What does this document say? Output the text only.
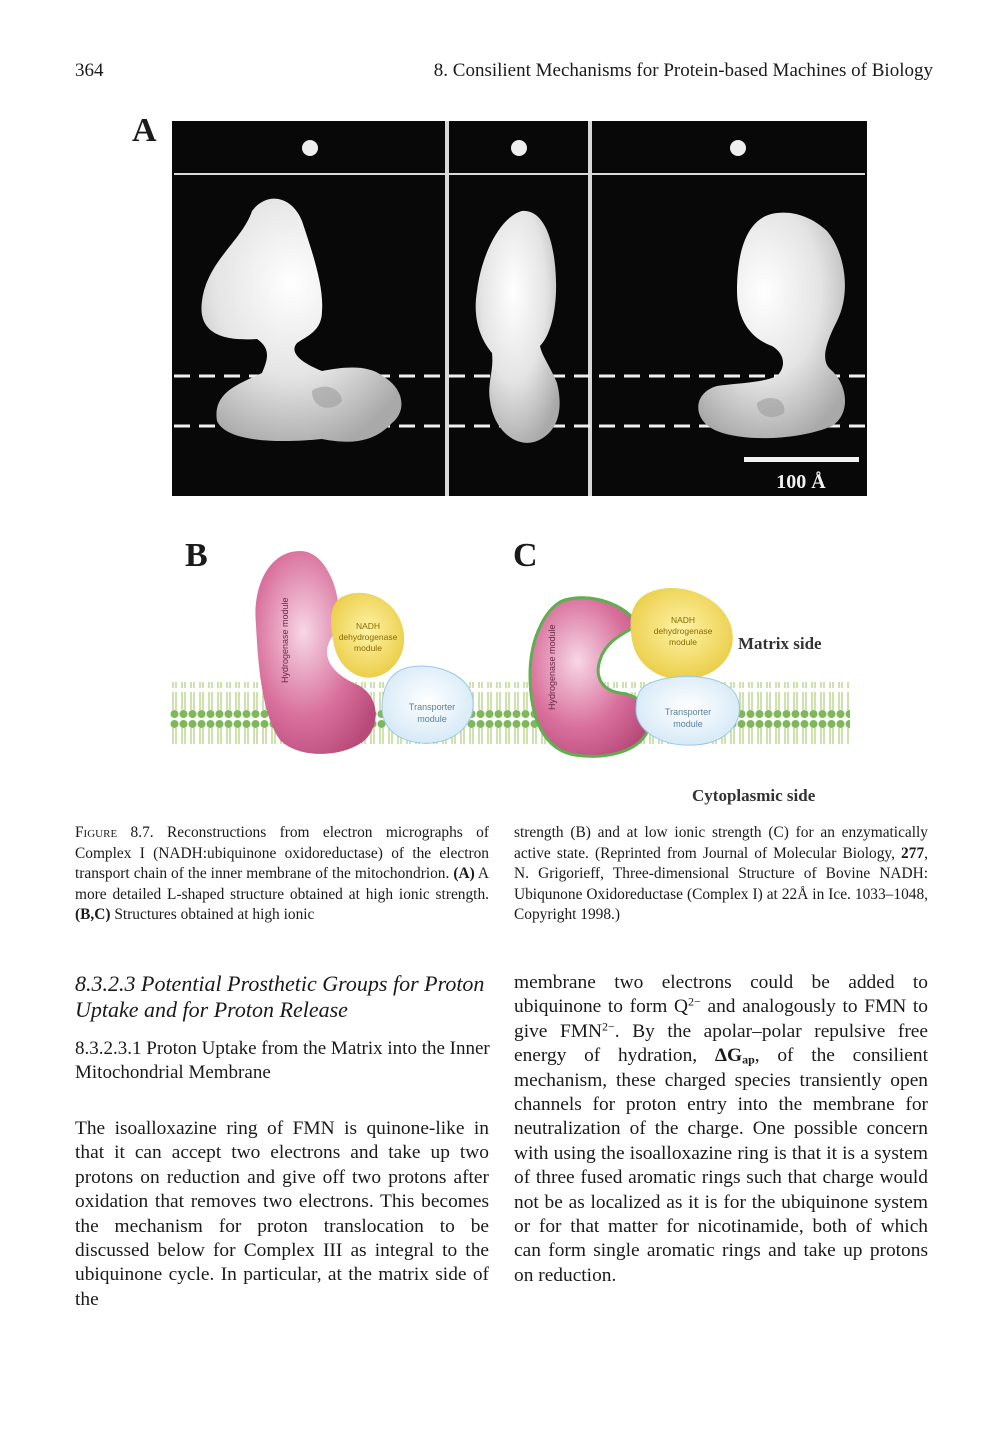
364	8. Consilient Mechanisms for Protein-based Machines of Biology
A
100 Å
B	C
Hydrogenase module	Hydrogenase module
NADH
dehydrogenase
module
NADH
dehydrogenase
module
Transporter
module
Transporter
module
Matrix side
Cytoplasmic side

Figure 8.7. Reconstructions from electron micrographs of Complex I (NADH:ubiquinone oxidoreductase) of the electron transport chain of the inner membrane of the mitochondrion. (A) A more detailed L-shaped structure obtained at high ionic strength. (B,C) Structures obtained at high ionic

strength (B) and at low ionic strength (C) for an enzymatically active state. (Reprinted from Journal of Molecular Biology, 277, N. Grigorieff, Three-dimensional Structure of Bovine NADH: Ubiqunone Oxidoreductase (Complex I) at 22Å in Ice. 1033–1048, Copyright 1998.)

8.3.2.3 Potential Prosthetic Groups for Proton Uptake and for Proton Release
8.3.2.3.1 Proton Uptake from the Matrix into the Inner Mitochondrial Membrane

The isoalloxazine ring of FMN is quinone-like in that it can accept two electrons and take up two protons on reduction and give off two protons after oxidation that removes two electrons. This becomes the mechanism for proton translocation to be discussed below for Complex III as integral to the ubiquinone cycle. In particular, at the matrix side of the

membrane two electrons could be added to ubiquinone to form $Q^{2-}$ and analogously to FMN to give $FMN^{2-}$. By the apolar–polar repulsive free energy of hydration, $\Delta G_{ap}$, of the consilient mechanism, these charged species transiently open channels for proton entry into the membrane for neutralization of the charge. One possible concern with using the isoalloxazine ring is that it is a system of three fused aromatic rings such that charge would not be as localized as it is for the ubiquinone system or for that matter for nicotinamide, both of which can form single aromatic rings and take up protons on reduction.
